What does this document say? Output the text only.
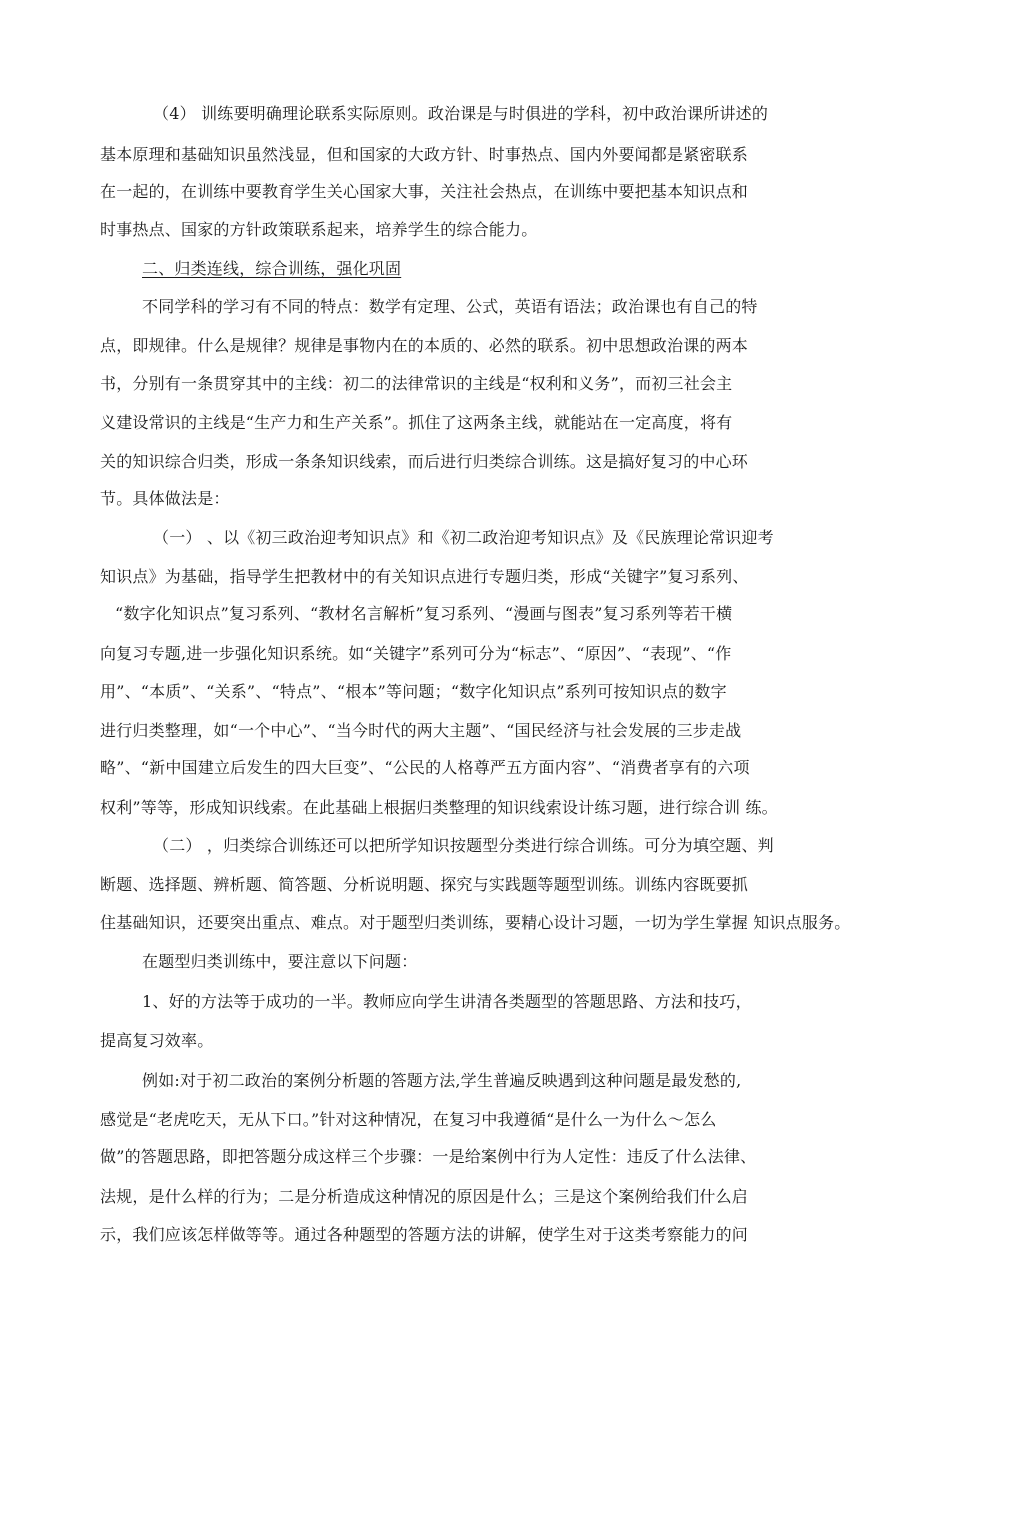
（4） 训练要明确理论联系实际原则。政治课是与时俱进的学科，初中政治课所讲述的
基本原理和基础知识虽然浅显，但和国家的大政方针、时事热点、国内外要闻都是紧密联系
在一起的，在训练中要教育学生关心国家大事，关注社会热点，在训练中要把基本知识点和
时事热点、国家的方针政策联系起来，培养学生的综合能力。
二、归类连线，综合训练，强化巩固
不同学科的学习有不同的特点：数学有定理、公式，英语有语法；政治课也有自己的特
点，即规律。什么是规律？规律是事物内在的本质的、必然的联系。初中思想政治课的两本
书，分别有一条贯穿其中的主线：初二的法律常识的主线是“权利和义务”，而初三社会主
义建设常识的主线是“生产力和生产关系”。抓住了这两条主线，就能站在一定高度，将有
关的知识综合归类，形成一条条知识线索，而后进行归类综合训练。这是搞好复习的中心环
节。具体做法是：
（一） 、以《初三政治迎考知识点》和《初二政治迎考知识点》及《民族理论常识迎考
知识点》为基础，指导学生把教材中的有关知识点进行专题归类，形成“关键字”复习系列、
“数字化知识点”复习系列、“教材名言解析”复习系列、“漫画与图表”复习系列等若干横
向复习专题,进一步强化知识系统。如“关键字”系列可分为“标志”、“原因”、“表现”、“作
用”、“本质”、“关系”、“特点”、“根本”等问题；“数字化知识点”系列可按知识点的数字
进行归类整理，如“一个中心”、“当今时代的两大主题”、“国民经济与社会发展的三步走战
略”、“新中国建立后发生的四大巨变”、“公民的人格尊严五方面内容”、“消费者享有的六项
权利”等等，形成知识线索。在此基础上根据归类整理的知识线索设计练习题，进行综合训 练。
（二） ，归类综合训练还可以把所学知识按题型分类进行综合训练。可分为填空题、判
断题、选择题、辨析题、简答题、分析说明题、探究与实践题等题型训练。训练内容既要抓
住基础知识，还要突出重点、难点。对于题型归类训练，要精心设计习题，一切为学生掌握 知识点服务。
在题型归类训练中，要注意以下问题：
1、好的方法等于成功的一半。教师应向学生讲清各类题型的答题思路、方法和技巧，
提高复习效率。
例如:对于初二政治的案例分析题的答题方法,学生普遍反映遇到这种问题是最发愁的,
感觉是“老虎吃天，无从下口。”针对这种情况，在复习中我遵循“是什么一为什么～怎么
做”的答题思路，即把答题分成这样三个步骤：一是给案例中行为人定性：违反了什么法律、
法规，是什么样的行为；二是分析造成这种情况的原因是什么；三是这个案例给我们什么启
示，我们应该怎样做等等。通过各种题型的答题方法的讲解，使学生对于这类考察能力的问
